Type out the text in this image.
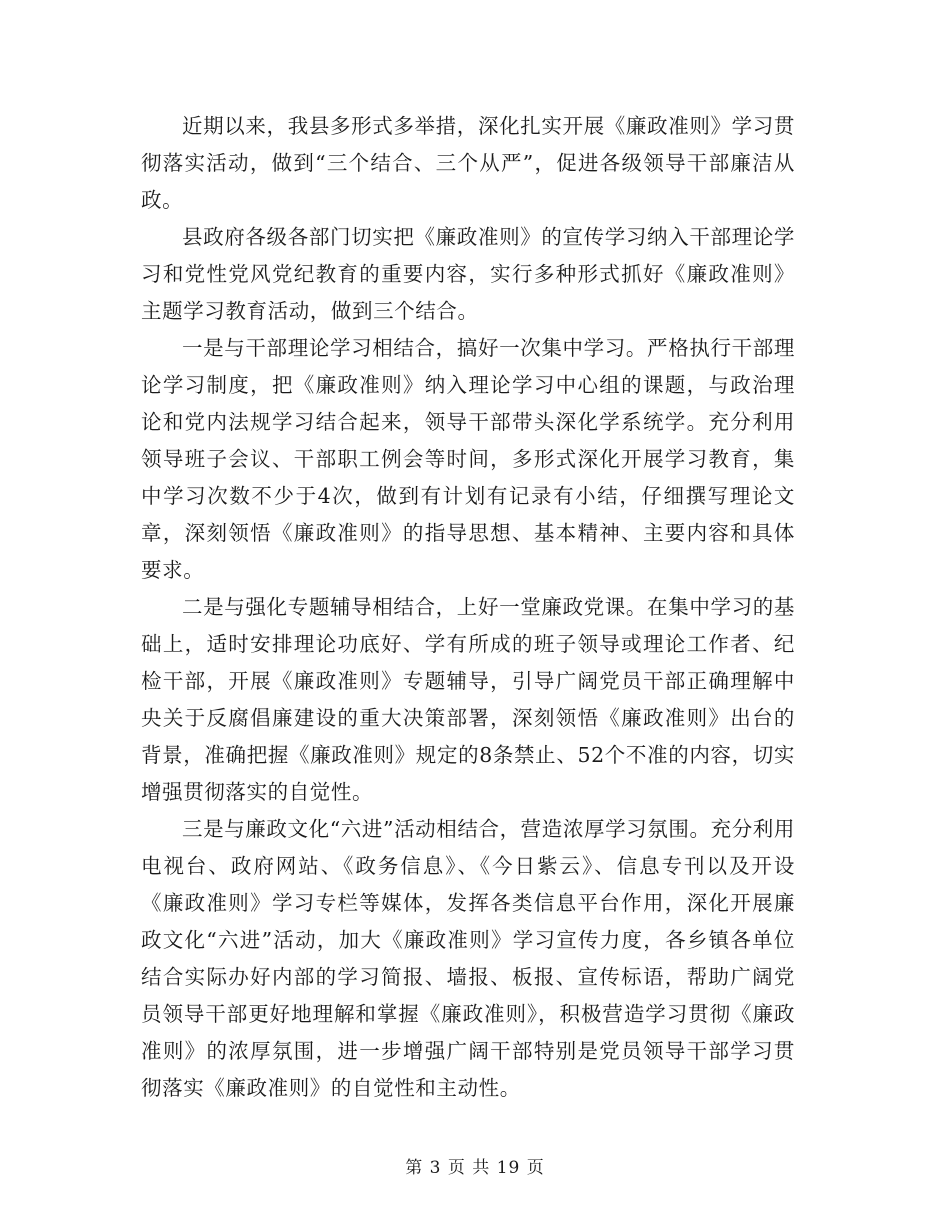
近期以来，我县多形式多举措，深化扎实开展《廉政准则》学习贯彻落实活动，做到“三个结合、三个从严”，促进各级领导干部廉洁从政。

县政府各级各部门切实把《廉政准则》的宣传学习纳入干部理论学习和党性党风党纪教育的重要内容，实行多种形式抓好《廉政准则》主题学习教育活动，做到三个结合。

一是与干部理论学习相结合，搞好一次集中学习。严格执行干部理论学习制度，把《廉政准则》纳入理论学习中心组的课题，与政治理论和党内法规学习结合起来，领导干部带头深化学系统学。充分利用领导班子会议、干部职工例会等时间，多形式深化开展学习教育，集中学习次数不少于4次，做到有计划有记录有小结，仔细撰写理论文章，深刻领悟《廉政准则》的指导思想、基本精神、主要内容和具体要求。

二是与强化专题辅导相结合，上好一堂廉政党课。在集中学习的基础上，适时安排理论功底好、学有所成的班子领导或理论工作者、纪检干部，开展《廉政准则》专题辅导，引导广阔党员干部正确理解中央关于反腐倡廉建设的重大决策部署，深刻领悟《廉政准则》出台的背景，准确把握《廉政准则》规定的8条禁止、52个不准的内容，切实增强贯彻落实的自觉性。

三是与廉政文化“六进”活动相结合，营造浓厚学习氛围。充分利用电视台、政府网站、《政务信息》、《今日紫云》、信息专刊以及开设《廉政准则》学习专栏等媒体，发挥各类信息平台作用，深化开展廉政文化“六进”活动，加大《廉政准则》学习宣传力度，各乡镇各单位结合实际办好内部的学习简报、墙报、板报、宣传标语，帮助广阔党员领导干部更好地理解和掌握《廉政准则》，积极营造学习贯彻《廉政准则》的浓厚氛围，进一步增强广阔干部特别是党员领导干部学习贯彻落实《廉政准则》的自觉性和主动性。

第 3 页 共 19 页
